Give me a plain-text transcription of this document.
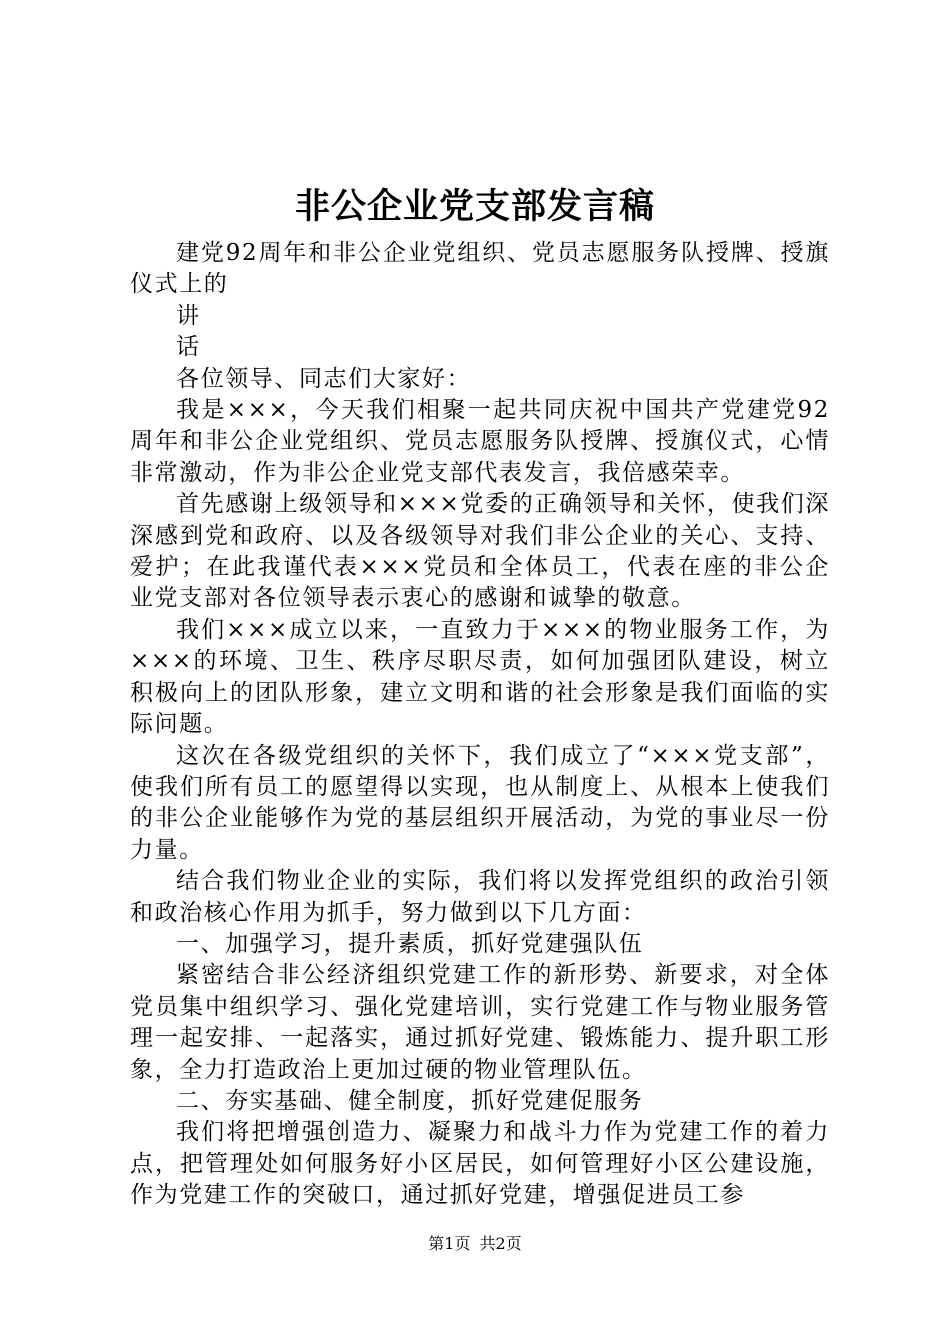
非公企业党支部发言稿

建党92周年和非公企业党组织、党员志愿服务队授牌、授旗仪式上的

讲

话

各位领导、同志们大家好：

我是×××，今天我们相聚一起共同庆祝中国共产党建党92周年和非公企业党组织、党员志愿服务队授牌、授旗仪式，心情非常激动，作为非公企业党支部代表发言，我倍感荣幸。

首先感谢上级领导和×××党委的正确领导和关怀，使我们深深感到党和政府、以及各级领导对我们非公企业的关心、支持、爱护；在此我谨代表×××党员和全体员工，代表在座的非公企业党支部对各位领导表示衷心的感谢和诚挚的敬意。

我们×××成立以来，一直致力于×××的物业服务工作，为×××的环境、卫生、秩序尽职尽责，如何加强团队建设，树立积极向上的团队形象，建立文明和谐的社会形象是我们面临的实际问题。

这次在各级党组织的关怀下，我们成立了“×××党支部”，使我们所有员工的愿望得以实现，也从制度上、从根本上使我们的非公企业能够作为党的基层组织开展活动，为党的事业尽一份力量。

结合我们物业企业的实际，我们将以发挥党组织的政治引领和政治核心作用为抓手，努力做到以下几方面：

一、加强学习，提升素质，抓好党建强队伍

紧密结合非公经济组织党建工作的新形势、新要求，对全体党员集中组织学习、强化党建培训，实行党建工作与物业服务管理一起安排、一起落实，通过抓好党建、锻炼能力、提升职工形象，全力打造政治上更加过硬的物业管理队伍。

二、夯实基础、健全制度，抓好党建促服务

我们将把增强创造力、凝聚力和战斗力作为党建工作的着力点，把管理处如何服务好小区居民，如何管理好小区公建设施，作为党建工作的突破口，通过抓好党建，增强促进员工参

第1页 共2页
